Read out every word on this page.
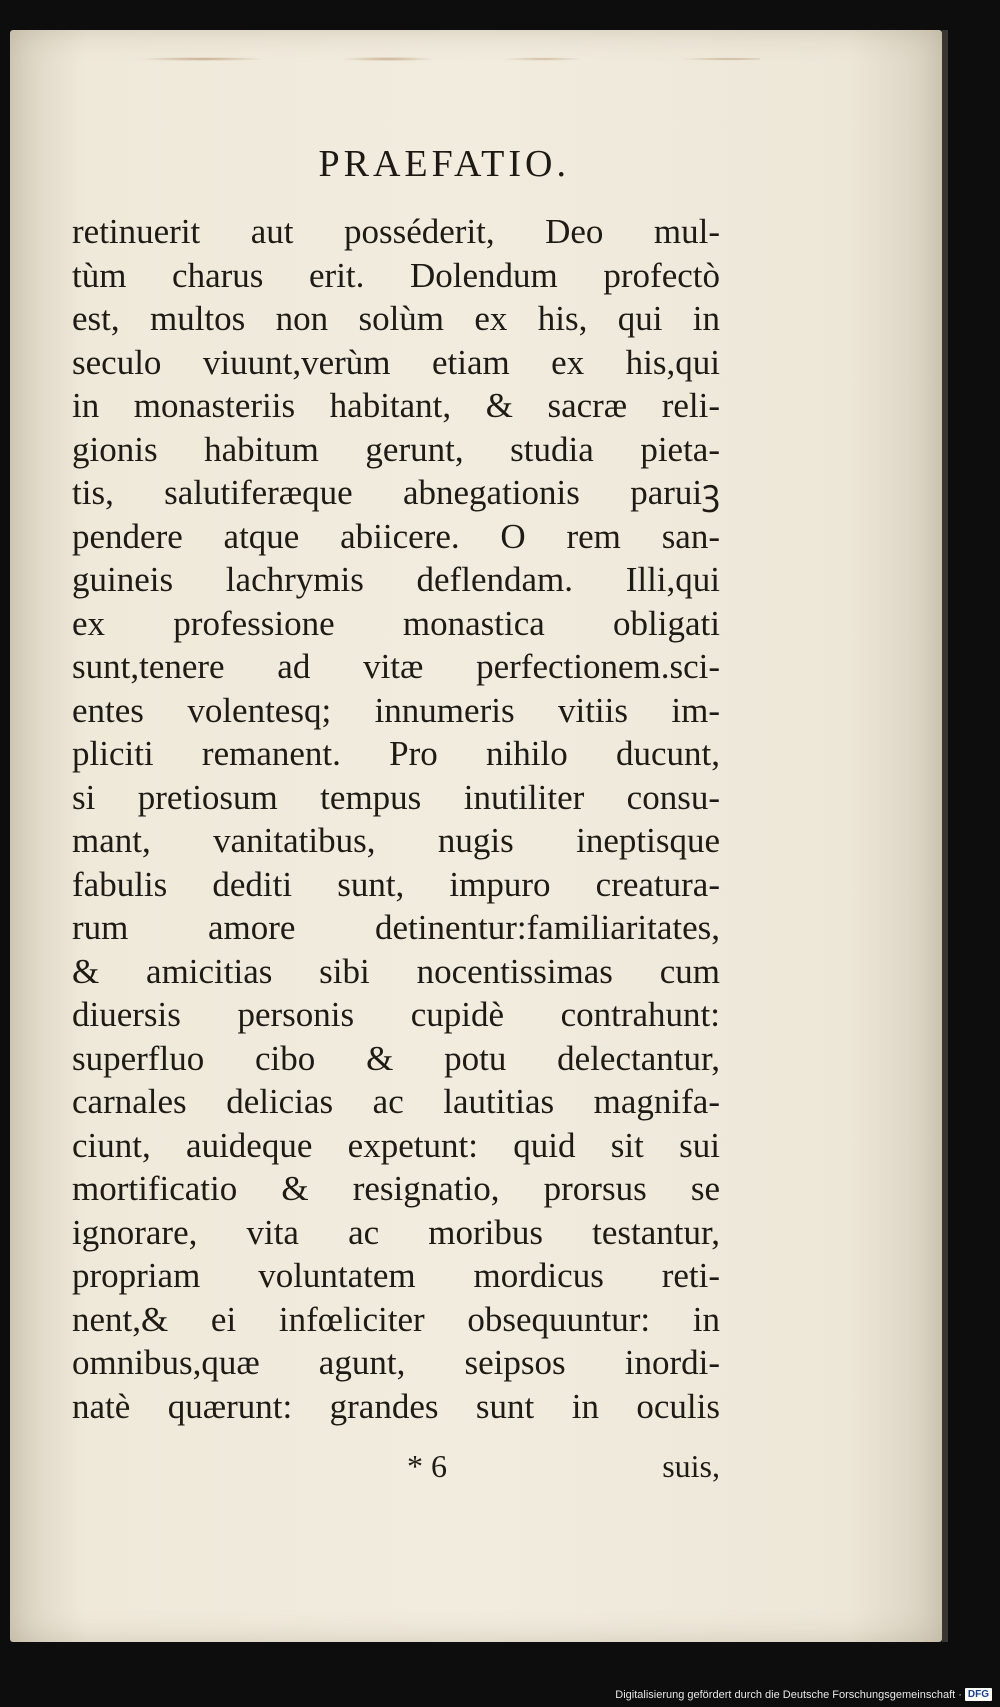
PRAEFATIO.
retinuerit aut posséderit, Deo mul-
tùm charus erit. Dolendum profectò
est, multos non solùm ex his, qui in
seculo viuunt,verùm etiam ex his,qui
in monasteriis habitant, & sacræ reli-
gionis habitum gerunt, studia pieta-
tis, salutiferæque abnegationis paruiꝫ
pendere atque abiicere. O rem san-
guineis lachrymis deflendam. Illi,qui
ex professione monastica obligati
sunt,tenere ad vitæ perfectionem.sci-
entes volentesq; innumeris vitiis im-
pliciti remanent. Pro nihilo ducunt,
si pretiosum tempus inutiliter consu-
mant, vanitatibus, nugis ineptisque
fabulis dediti sunt, impuro creatura-
rum amore detinentur:familiaritates,
& amicitias sibi nocentissimas cum
diuersis personis cupidè contrahunt:
superfluo cibo & potu delectantur,
carnales delicias ac lautitias magnifa-
ciunt, auideque expetunt: quid sit sui
mortificatio & resignatio, prorsus se
ignorare, vita ac moribus testantur,
propriam voluntatem mordicus reti-
nent,& ei infœliciter obsequuntur: in
omnibus,quæ agunt, seipsos inordi-
natè quærunt: grandes sunt in oculis
* 6	suis,
Digitalisierung gefördert durch die Deutsche Forschungsgemeinschaft · DFG
